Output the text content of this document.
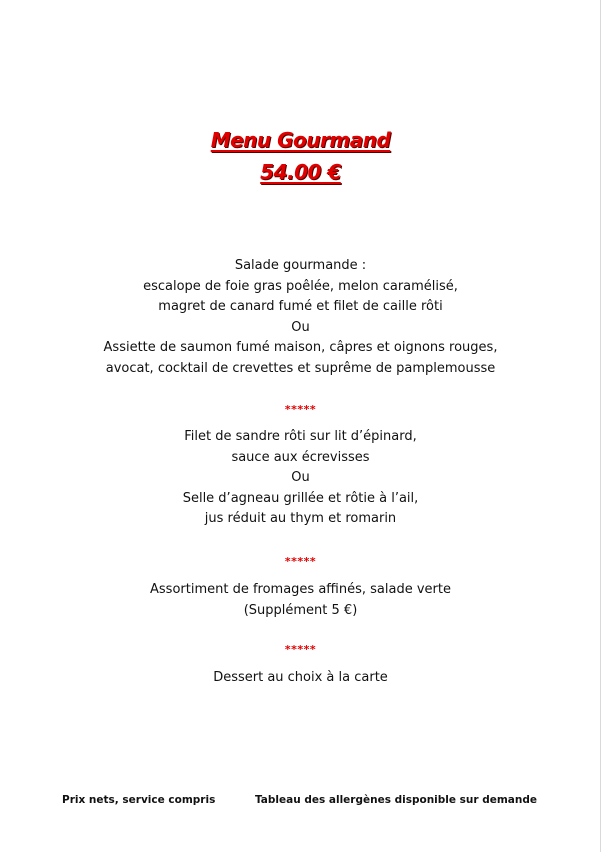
Menu Gourmand
54.00 €
Salade gourmande :
escalope de foie gras poêlée, melon caramélisé,
magret de canard fumé et filet de caille rôti
Ou
Assiette de saumon fumé maison, câpres et oignons rouges,
avocat, cocktail de crevettes et suprême de pamplemousse
*****
Filet de sandre rôti sur lit d’épinard,
sauce aux écrevisses
Ou
Selle d’agneau grillée et rôtie à l’ail,
jus réduit au thym et romarin
*****
Assortiment de fromages affinés, salade verte
(Supplément 5 €)
*****
Dessert au choix à la carte
Prix nets, service compris	Tableau des allergènes disponible sur demande
